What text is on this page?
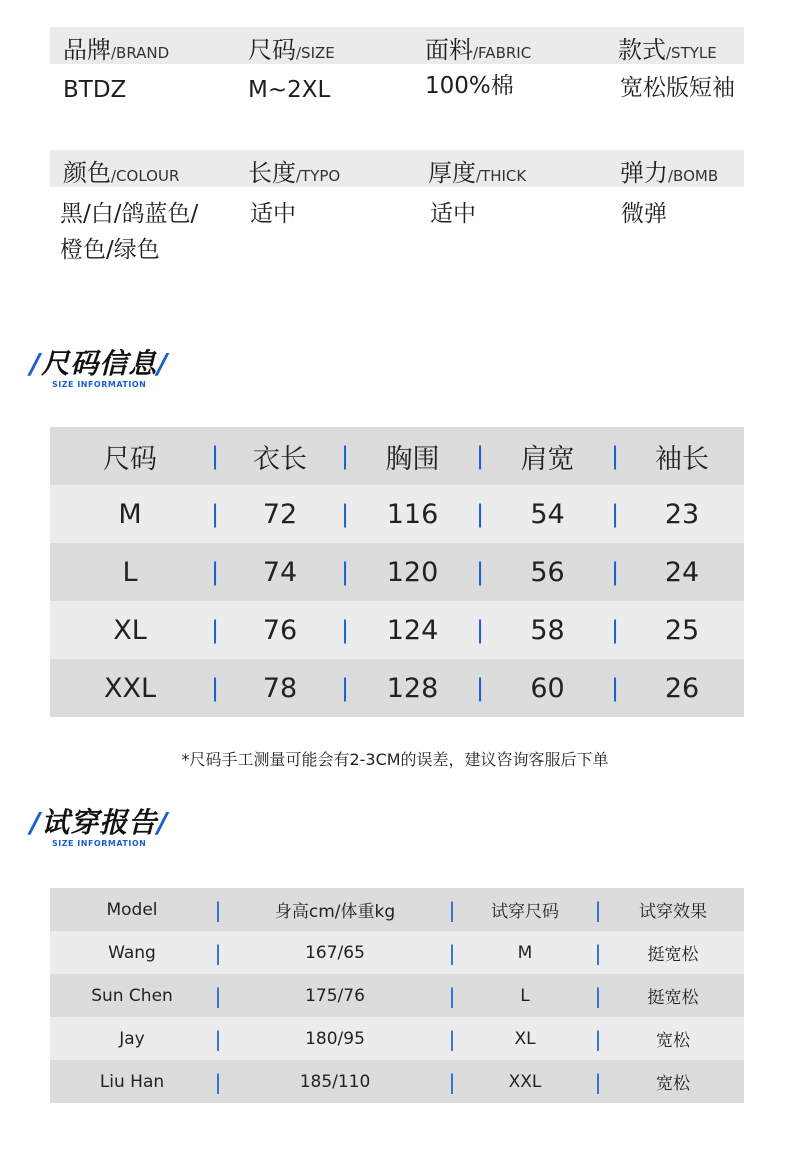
品牌/BRAND	尺码/SIZE	面料/FABRIC	款式/STYLE
BTDZ	M~2XL	100%棉	宽松版短袖
颜色/COLOUR	长度/TYPO	厚度/THICK	弹力/BOMB
黑/白/鸽蓝色/
橙色/绿色
适中	适中	微弹
/尺码信息/
SIZE INFORMATION
尺码	|	衣长	|	胸围	|	肩宽	|	袖长
M	|	72	|	116	|	54	|	23
L	|	74	|	120	|	56	|	24
XL	|	76	|	124	|	58	|	25
XXL	|	78	|	128	|	60	|	26
*尺码手工测量可能会有2-3CM的误差，建议咨询客服后下单
/试穿报告/
SIZE INFORMATION
Model	|	身高cm/体重kg	|	试穿尺码	|	试穿效果
Wang	|	167/65	|	M	|	挺宽松
Sun Chen	|	175/76	|	L	|	挺宽松
Jay	|	180/95	|	XL	|	宽松
Liu Han	|	185/110	|	XXL	|	宽松
